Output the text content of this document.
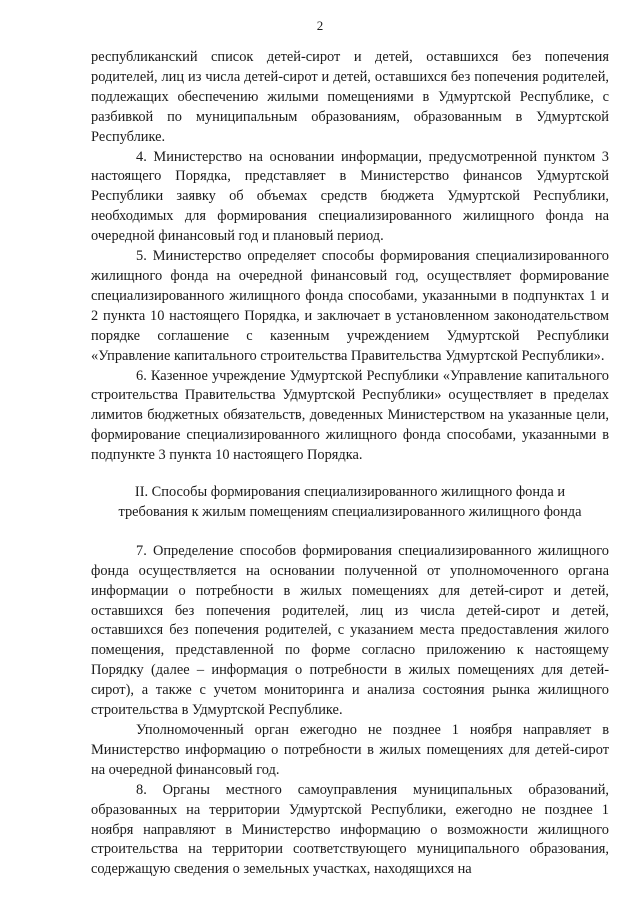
2

республиканский список детей-сирот и детей, оставшихся без попечения родителей, лиц из числа детей-сирот и детей, оставшихся без попечения родителей, подлежащих обеспечению жилыми помещениями в Удмуртской Республике, с разбивкой по муниципальным образованиям, образованным в Удмуртской Республике.

4. Министерство на основании информации, предусмотренной пунктом 3 настоящего Порядка, представляет в Министерство финансов Удмуртской Республики заявку об объемах средств бюджета Удмуртской Республики, необходимых для формирования специализированного жилищного фонда на очередной финансовый год и плановый период.

5. Министерство определяет способы формирования специализированного жилищного фонда на очередной финансовый год, осуществляет формирование специализированного жилищного фонда способами, указанными в подпунктах 1 и 2 пункта 10 настоящего Порядка, и заключает в установленном законодательством порядке соглашение с казенным учреждением Удмуртской Республики «Управление капитального строительства Правительства Удмуртской Республики».

6. Казенное учреждение Удмуртской Республики «Управление капитального строительства Правительства Удмуртской Республики» осуществляет в пределах лимитов бюджетных обязательств, доведенных Министерством на указанные цели, формирование специализированного жилищного фонда способами, указанными в подпункте 3 пункта 10 настоящего Порядка.

II. Способы формирования специализированного жилищного фонда и
требования к жилым помещениям специализированного жилищного фонда

7. Определение способов формирования специализированного жилищного фонда осуществляется на основании полученной от уполномоченного органа информации о потребности в жилых помещениях для детей-сирот и детей, оставшихся без попечения родителей, лиц из числа детей-сирот и детей, оставшихся без попечения родителей, с указанием места предоставления жилого помещения, представленной по форме согласно приложению к настоящему Порядку (далее – информация о потребности в жилых помещениях для детей-сирот), а также с учетом мониторинга и анализа состояния рынка жилищного строительства в Удмуртской Республике.

Уполномоченный орган ежегодно не позднее 1 ноября направляет в Министерство информацию о потребности в жилых помещениях для детей-сирот на очередной финансовый год.

8. Органы местного самоуправления муниципальных образований, образованных на территории Удмуртской Республики, ежегодно не позднее 1 ноября направляют в Министерство информацию о возможности жилищного строительства на территории соответствующего муниципального образования, содержащую сведения о земельных участках, находящихся на
